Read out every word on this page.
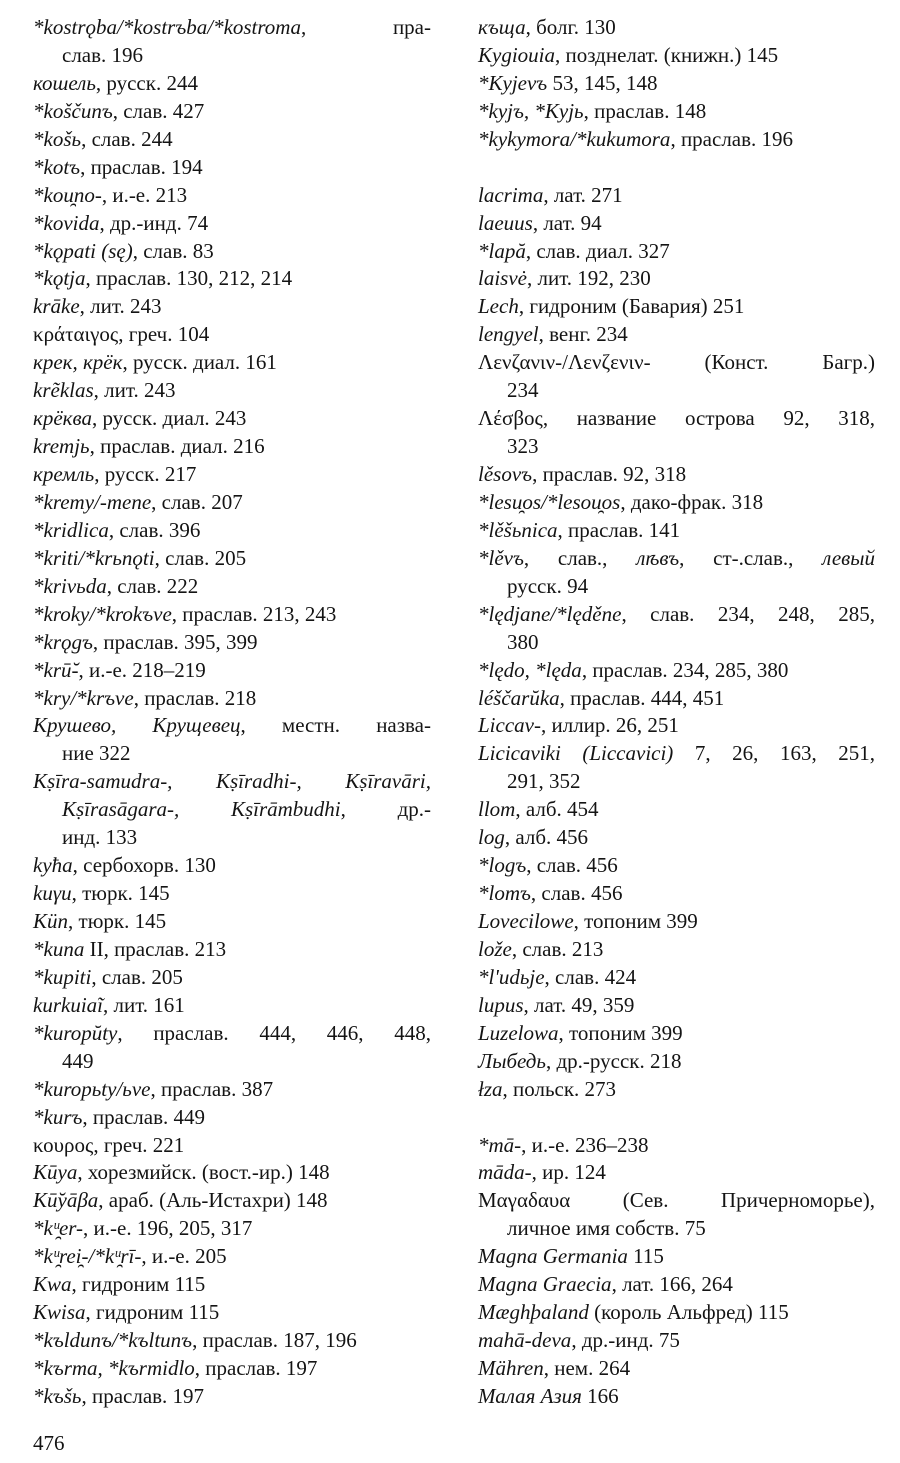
*kostrǫba/*kostrъba/*kostroma, пра-
слав. 196
кошель, русск. 244
*koščunъ, слав. 427
*košь, слав. 244
*kotъ, праслав. 194
*kou̯no-, и.-е. 213
*kovida, др.-инд. 74
*kǫpati (sę), слав. 83
*kǫtja, праслав. 130, 212, 214
krāke, лит. 243
κράταιγος, греч. 104
крек, крёк, русск. диал. 161
krẽklas, лит. 243
крёква, русск. диал. 243
kremjь, праслав. диал. 216
кремль, русск. 217
*kremy/-mene, слав. 207
*kridlica, слав. 396
*kriti/*krьnǫti, слав. 205
*krivьda, слав. 222
*kroky/*krokъve, праслав. 213, 243
*krǫgъ, праслав. 395, 399
*krū̆-, и.-е. 218–219
*kry/*krъve, праслав. 218
Крушево, Крущевец, местн. назва-
ние 322
Kṣīra-samudra-, Kṣīradhi-, Kṣīravāri,
Kṣīrasāgara-, Kṣīrāmbudhi, др.-
инд. 133
kyћa, сербохорв. 130
kuγu, тюрк. 145
Kün, тюрк. 145
*kuna II, праслав. 213
*kupiti, слав. 205
kurkuiaĩ, лит. 161
*kuropŭty, праслав. 444, 446, 448,
449
*kuropьty/ьve, праслав. 387
*kurъ, праслав. 449
κουρος, греч. 221
Kūya, хорезмийск. (вост.-ир.) 148
Kū̆yāβa, араб. (Аль-Истахри) 148
*kᵘ̯er-, и.-е. 196, 205, 317
*kᵘ̯rei̯-/*kᵘ̯rī-, и.-е. 205
Kwa, гидроним 115
Kwisa, гидроним 115
*kъldunъ/*kъltunъ, праслав. 187, 196
*kъrma, *kъrmidlo, праслав. 197
*kъšь, праслав. 197
къща, болг. 130
Kygiouia, позднелат. (книжн.) 145
*Kyjevъ 53, 145, 148
*kyjъ, *Kyjь, праслав. 148
*kykymora/*kukumora, праслав. 196
lacrima, лат. 271
laeuus, лат. 94
*lapă, слав. диал. 327
laisvė, лит. 192, 230
Lech, гидроним (Бавария) 251
lengyel, венг. 234
Λενζανιν-/Λενζενιν- (Конст. Багр.)
234
Λέσβος, название острова 92, 318,
323
lěsovъ, праслав. 92, 318
*lesu̯os/*lesou̯os, дако-фрак. 318
*lěšьnica, праслав. 141
*lěvъ, слав., лѣвъ, ст-.слав., левый
русск. 94
*lędjane/*lęděne, слав. 234, 248, 285,
380
*lędo, *lęda, праслав. 234, 285, 380
léščarŭka, праслав. 444, 451
Liccav-, иллир. 26, 251
Licicaviki (Liccavici) 7, 26, 163, 251,
291, 352
llom, алб. 454
log, алб. 456
*logъ, слав. 456
*lomъ, слав. 456
Lovecilowe, топоним 399
lože, слав. 213
*l'udьje, слав. 424
lupus, лат. 49, 359
Luzelowa, топоним 399
Лыбедь, др.-русск. 218
łza, польск. 273
*mā-, и.-е. 236–238
māda-, ир. 124
Μαγαδαυα (Сев. Причерноморье),
личное имя собств. 75
Magna Germania 115
Magna Graecia, лат. 166, 264
Mæghþaland (король Альфред) 115
mahā-deva, др.-инд. 75
Mähren, нем. 264
Малая Азия 166
476
